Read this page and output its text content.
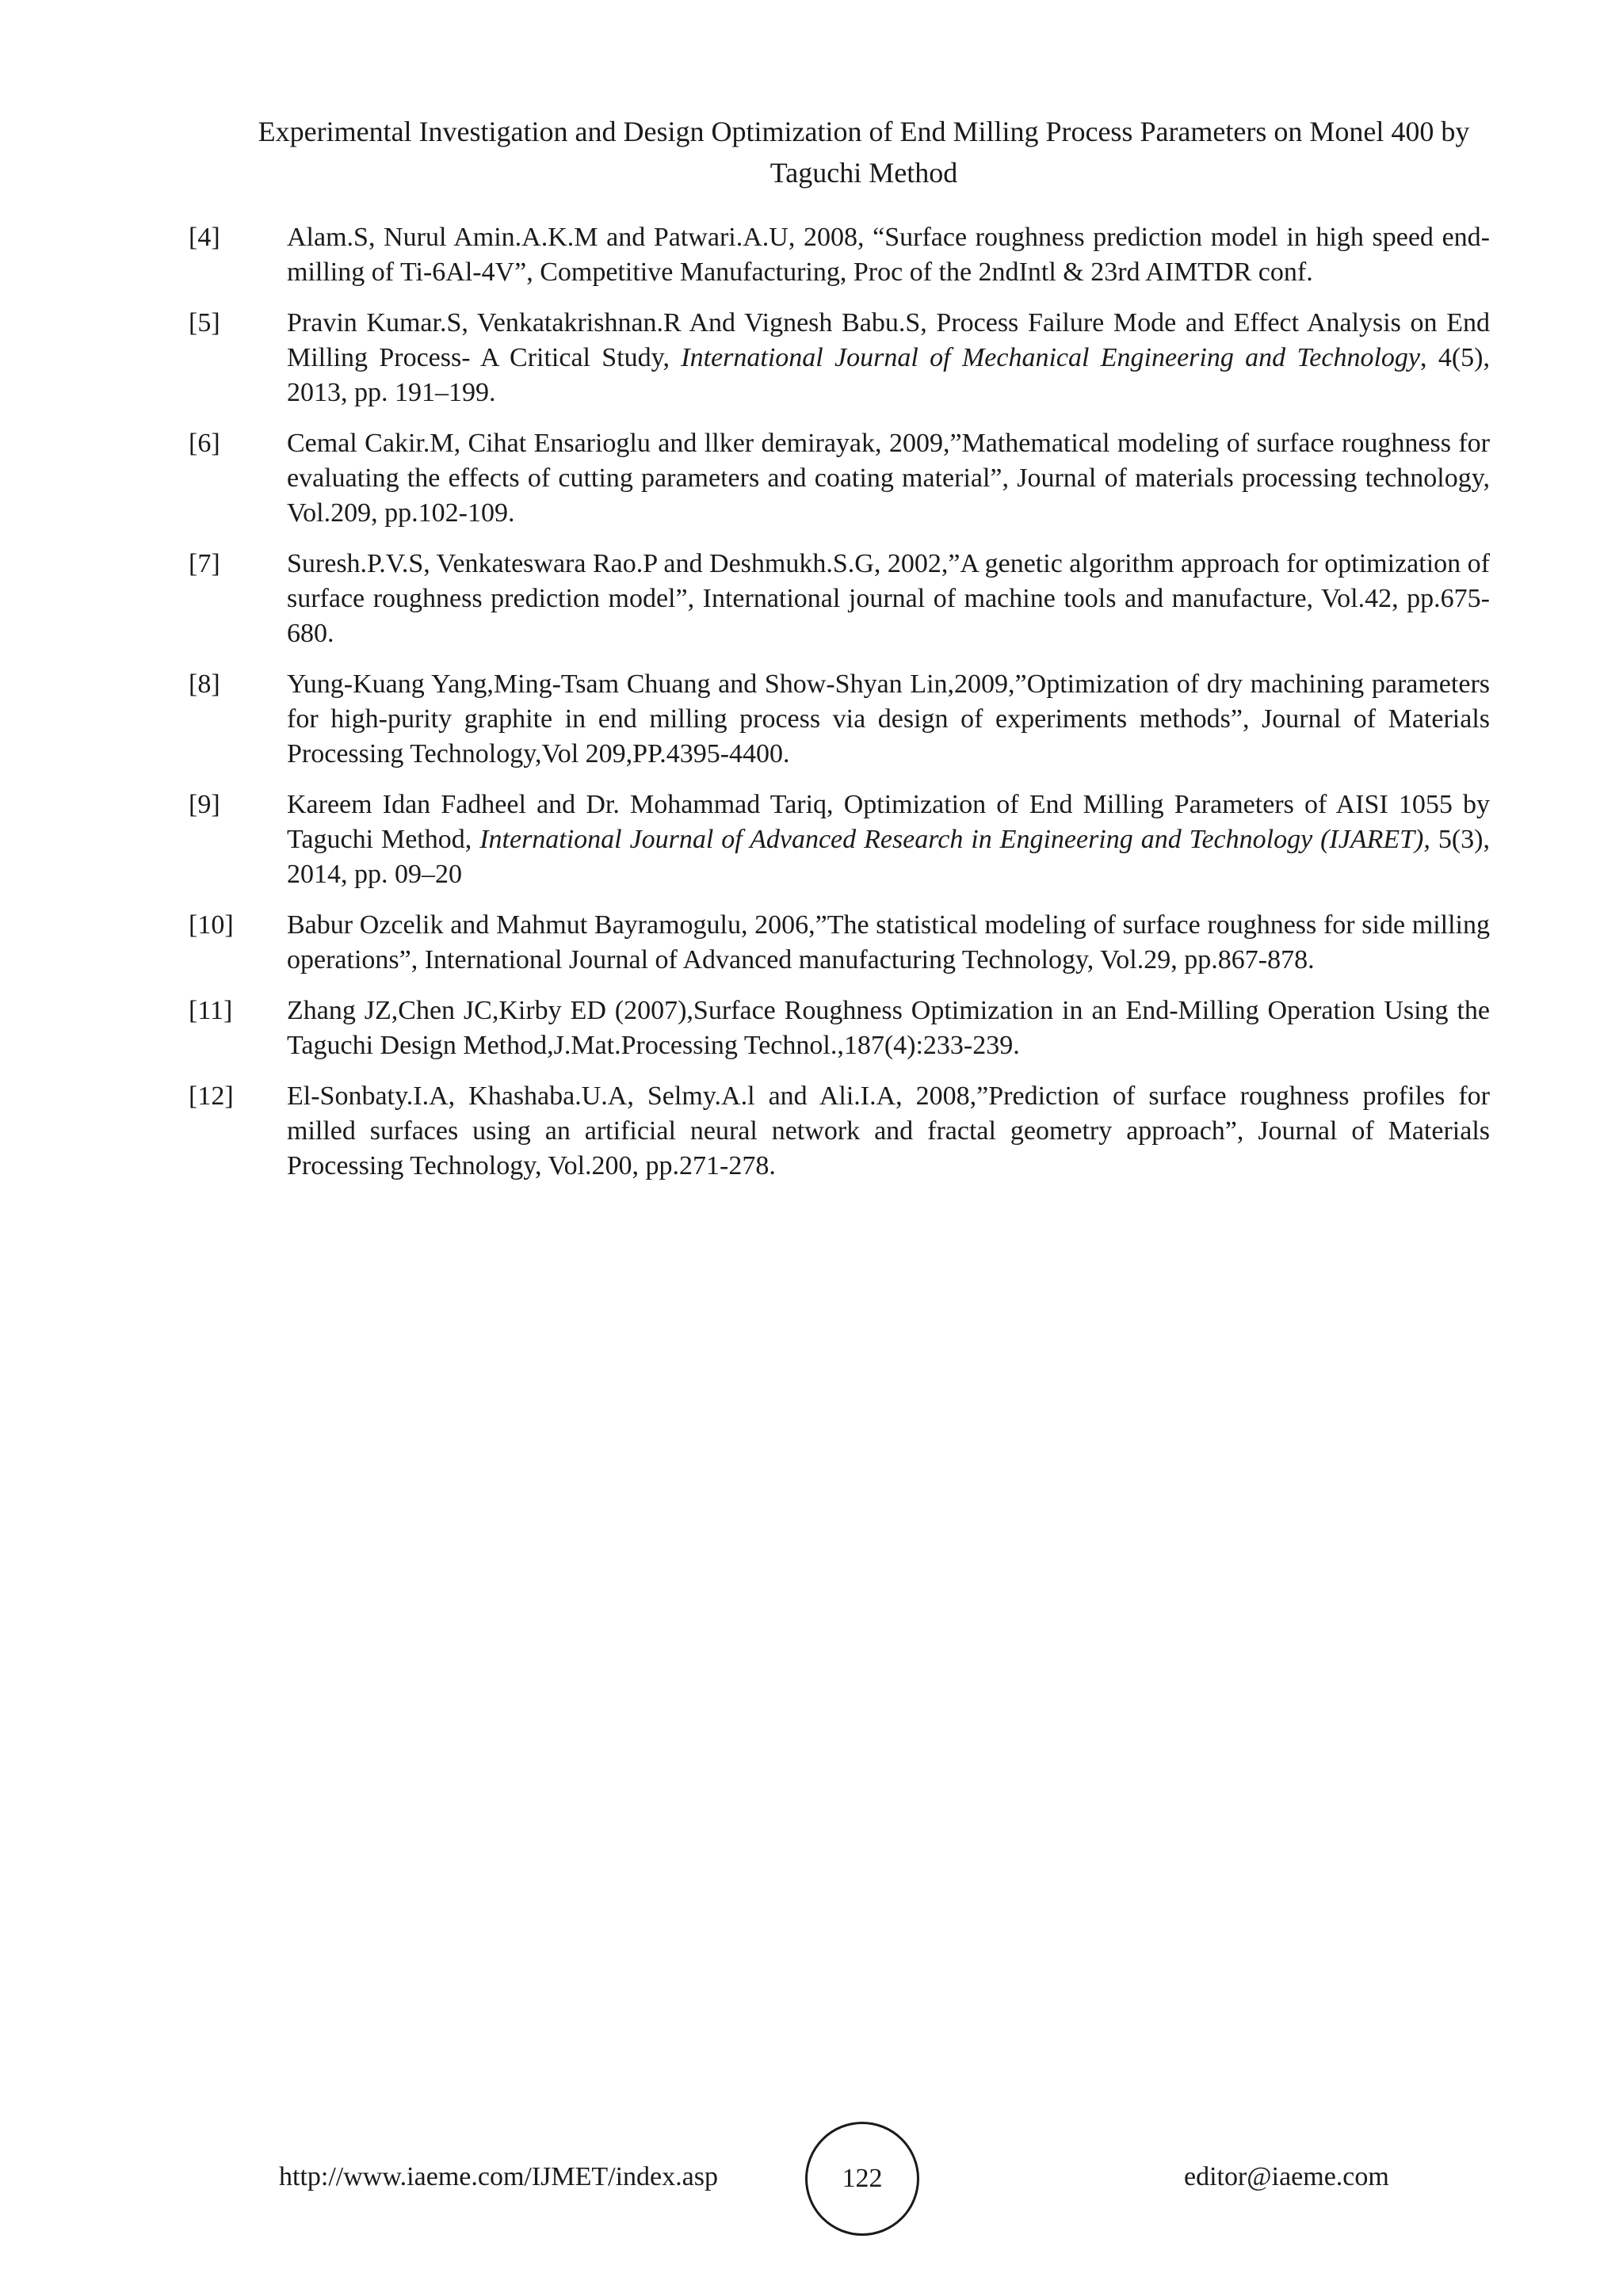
Experimental Investigation and Design Optimization of End Milling Process Parameters on Monel 400 by
Taguchi Method
[4] Alam.S, Nurul Amin.A.K.M and Patwari.A.U, 2008, “Surface roughness prediction model in high speed end-milling of Ti-6Al-4V”, Competitive Manufacturing, Proc of the 2ndIntl & 23rd AIMTDR conf.
[5] Pravin Kumar.S, Venkatakrishnan.R And Vignesh Babu.S, Process Failure Mode and Effect Analysis on End Milling Process- A Critical Study, International Journal of Mechanical Engineering and Technology, 4(5), 2013, pp. 191–199.
[6] Cemal Cakir.M, Cihat Ensarioglu and llker demirayak, 2009,”Mathematical modeling of surface roughness for evaluating the effects of cutting parameters and coating material”, Journal of materials processing technology, Vol.209, pp.102-109.
[7] Suresh.P.V.S, Venkateswara Rao.P and Deshmukh.S.G, 2002,”A genetic algorithm approach for optimization of surface roughness prediction model”, International journal of machine tools and manufacture, Vol.42, pp.675-680.
[8] Yung-Kuang Yang,Ming-Tsam Chuang and Show-Shyan Lin,2009,”Optimization of dry machining parameters for high-purity graphite in end milling process via design of experiments methods”, Journal of Materials Processing Technology,Vol 209,PP.4395-4400.
[9] Kareem Idan Fadheel and Dr. Mohammad Tariq, Optimization of End Milling Parameters of AISI 1055 by Taguchi Method, International Journal of Advanced Research in Engineering and Technology (IJARET), 5(3), 2014, pp. 09–20
[10] Babur Ozcelik and Mahmut Bayramogulu, 2006,”The statistical modeling of surface roughness for side milling operations”, International Journal of Advanced manufacturing Technology, Vol.29, pp.867-878.
[11] Zhang JZ,Chen JC,Kirby ED (2007),Surface Roughness Optimization in an End-Milling Operation Using the Taguchi Design Method,J.Mat.Processing Technol.,187(4):233-239.
[12] El-Sonbaty.I.A, Khashaba.U.A, Selmy.A.l and Ali.I.A, 2008,”Prediction of surface roughness profiles for milled surfaces using an artificial neural network and fractal geometry approach”, Journal of Materials Processing Technology, Vol.200, pp.271-278.
http://www.iaeme.com/IJMET/index.asp	122	editor@iaeme.com
